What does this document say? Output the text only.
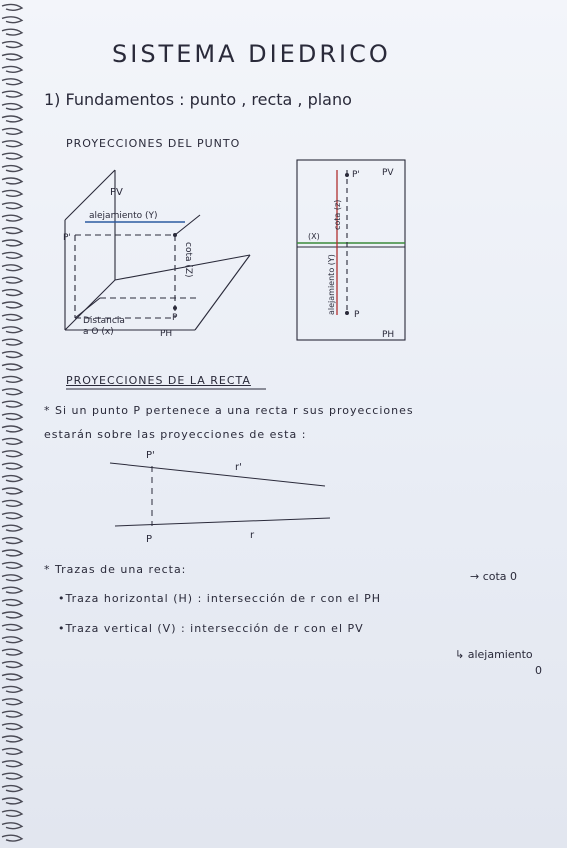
SISTEMA DIEDRICO
1) Fundamentos : punto , recta , plano
PROYECCIONES DEL PUNTO
PV
alejamiento (Y)
P'
cota (Z)
P
Distancia
a O (x)	PH
P' PV
cota (z)
(X)
alejamiento (Y) P
PH
PROYECCIONES DE LA RECTA
* Si un punto P pertenece a una recta r sus proyecciones
estarán sobre las proyecciones de esta :
P'
r'
P	r
* Trazas de una recta:
→ cota 0
•Traza horizontal (H) : intersección de r con el PH
•Traza vertical (V) : intersección de r con el PV
↳ alejamiento
0
